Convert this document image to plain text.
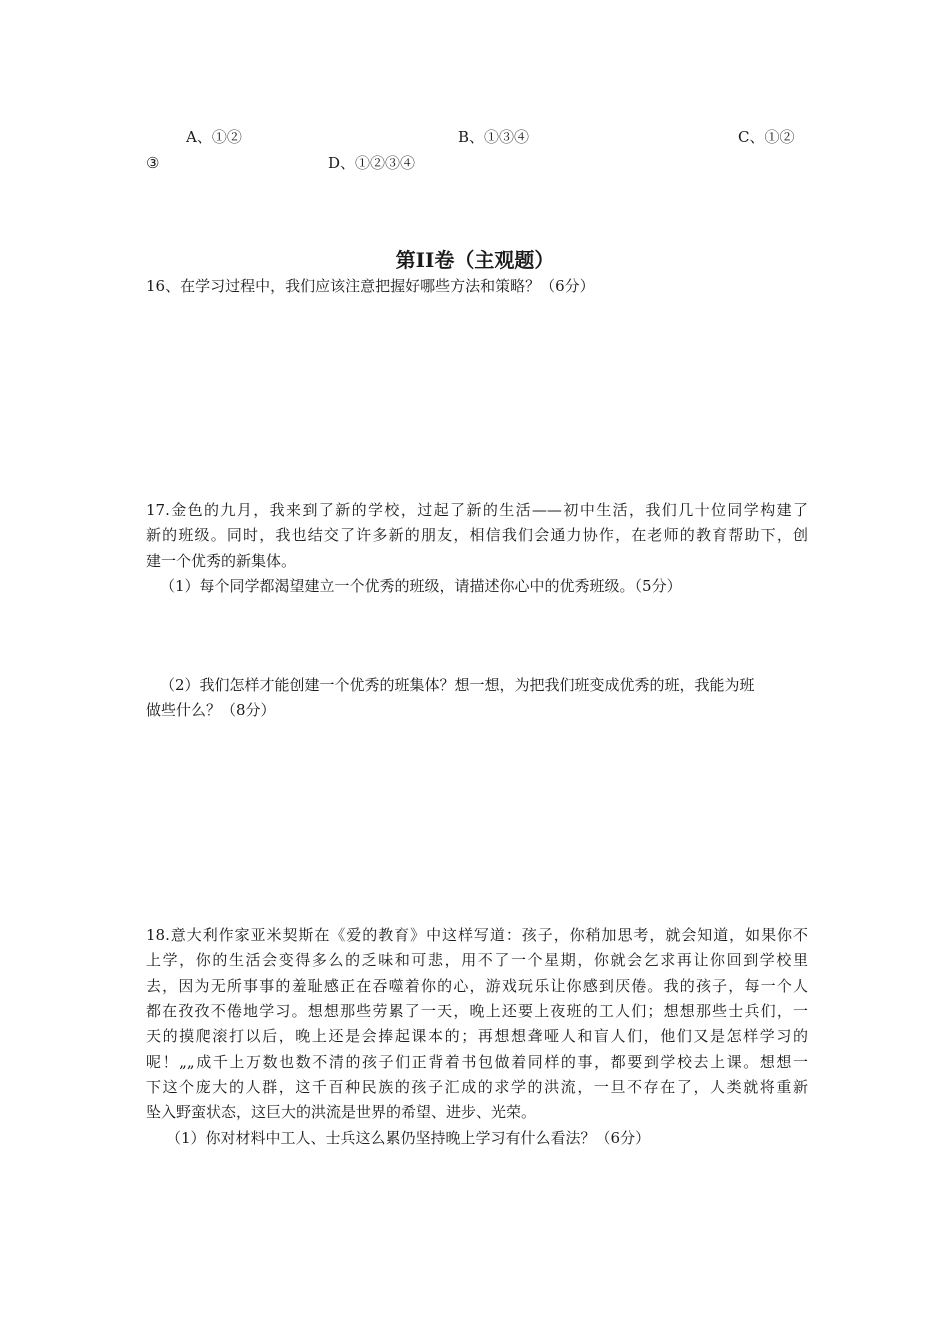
A、①②	B、①③④	C、①②
③	D、①②③④
第II卷（主观题）
16、在学习过程中，我们应该注意把握好哪些方法和策略？（6分）
17.金色的九月，我来到了新的学校，过起了新的生活——初中生活，我们几十位同学构建了
新的班级。同时，我也结交了许多新的朋友，相信我们会通力协作，在老师的教育帮助下，创
建一个优秀的新集体。
（1）每个同学都渴望建立一个优秀的班级，请描述你心中的优秀班级。（5分）
（2）我们怎样才能创建一个优秀的班集体？想一想，为把我们班变成优秀的班，我能为班
做些什么？（8分）
18.意大利作家亚米契斯在《爱的教育》中这样写道：孩子，你稍加思考，就会知道，如果你不
上学，你的生活会变得多么的乏味和可悲，用不了一个星期，你就会乞求再让你回到学校里
去，因为无所事事的羞耻感正在吞噬着你的心，游戏玩乐让你感到厌倦。我的孩子，每一个人
都在孜孜不倦地学习。想想那些劳累了一天，晚上还要上夜班的工人们；想想那些士兵们，一
天的摸爬滚打以后，晚上还是会捧起课本的；再想想聋哑人和盲人们，他们又是怎样学习的
呢！„„成千上万数也数不清的孩子们正背着书包做着同样的事，都要到学校去上课。想想一
下这个庞大的人群，这千百种民族的孩子汇成的求学的洪流，一旦不存在了，人类就将重新
坠入野蛮状态，这巨大的洪流是世界的希望、进步、光荣。
（1）你对材料中工人、士兵这么累仍坚持晚上学习有什么看法？（6分）
